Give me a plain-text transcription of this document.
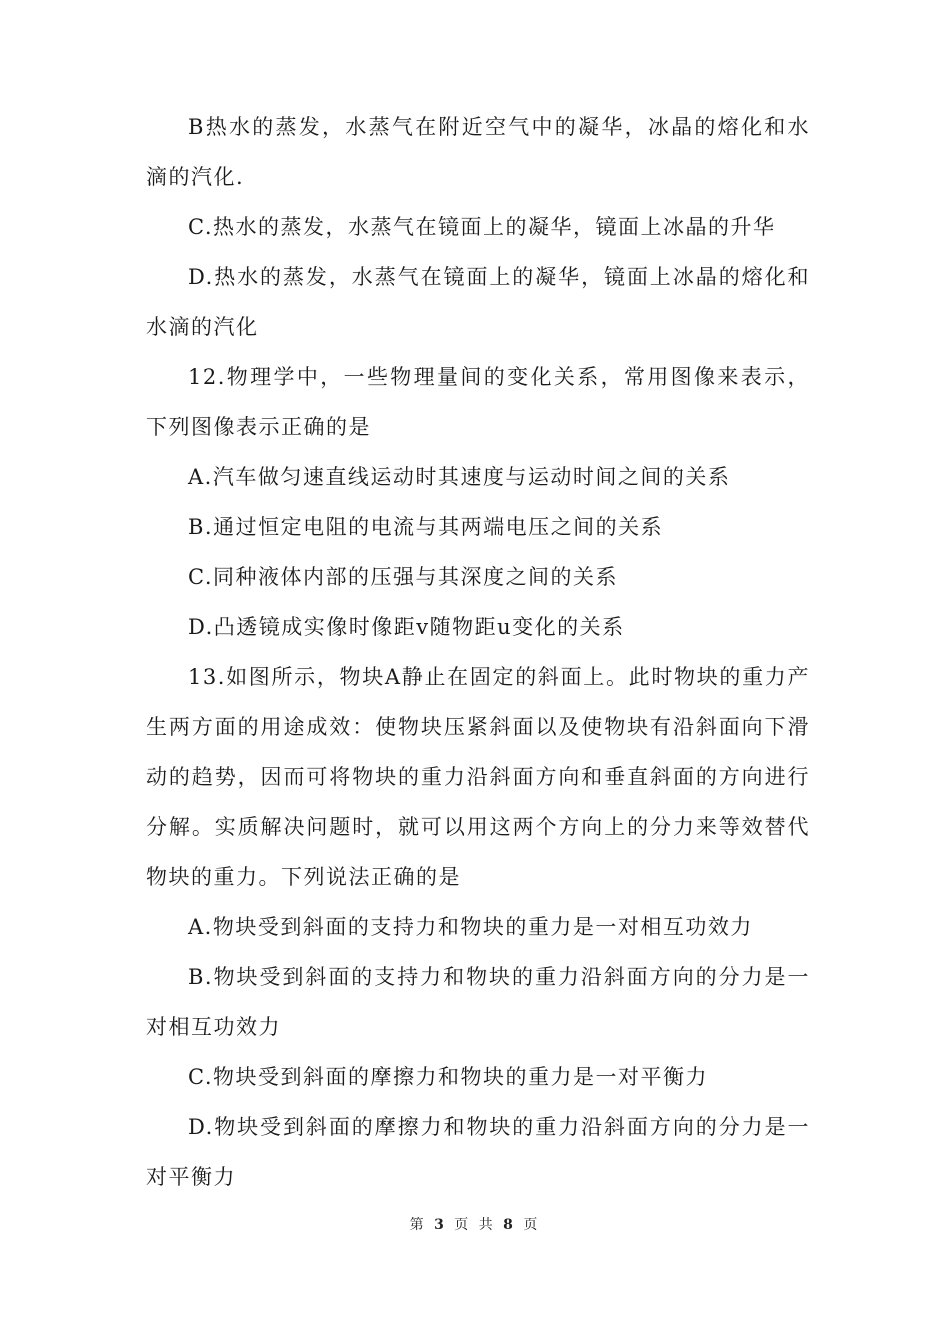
B热水的蒸发，水蒸气在附近空气中的凝华，冰晶的熔化和水滴的汽化.

C.热水的蒸发，水蒸气在镜面上的凝华，镜面上冰晶的升华

D.热水的蒸发，水蒸气在镜面上的凝华，镜面上冰晶的熔化和水滴的汽化

12.物理学中，一些物理量间的变化关系，常用图像来表示，下列图像表示正确的是

A.汽车做匀速直线运动时其速度与运动时间之间的关系

B.通过恒定电阻的电流与其两端电压之间的关系

C.同种液体内部的压强与其深度之间的关系

D.凸透镜成实像时像距v随物距u变化的关系

13.如图所示，物块A静止在固定的斜面上。此时物块的重力产生两方面的用途成效：使物块压紧斜面以及使物块有沿斜面向下滑动的趋势，因而可将物块的重力沿斜面方向和垂直斜面的方向进行分解。实质解决问题时，就可以用这两个方向上的分力来等效替代物块的重力。下列说法正确的是

A.物块受到斜面的支持力和物块的重力是一对相互功效力

B.物块受到斜面的支持力和物块的重力沿斜面方向的分力是一对相互功效力

C.物块受到斜面的摩擦力和物块的重力是一对平衡力

D.物块受到斜面的摩擦力和物块的重力沿斜面方向的分力是一对平衡力

第 3 页 共 8 页
